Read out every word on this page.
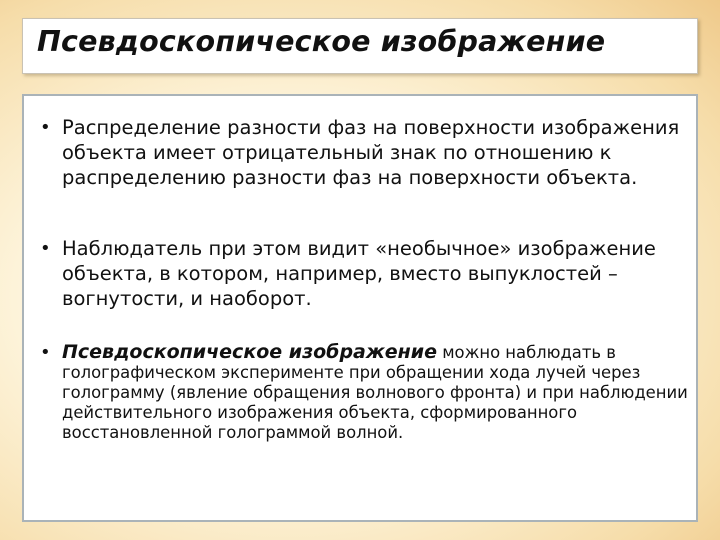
Псевдоскопическое изображение
• Распределение разности фаз на поверхности изображения объекта имеет отрицательный знак по отношению к распределению разности фаз на поверхности объекта.
• Наблюдатель при этом видит «необычное» изображение объекта, в котором, например, вместо выпуклостей – вогнутости, и наоборот.
• Псевдоскопическое изображение можно наблюдать в голографическом эксперименте при обращении хода лучей через голограмму (явление обращения волнового фронта) и при наблюдении действительного изображения объекта, сформированного восстановленной голограммой волной.
